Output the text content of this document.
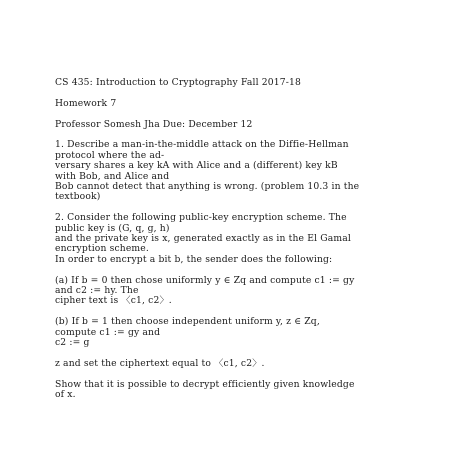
CS 435: Introduction to Cryptography Fall 2017-18
Homework 7
Professor Somesh Jha Due: December 12
1. Describe a man-in-the-middle attack on the Diffie-Hellman
protocol where the ad-
versary shares a key kA with Alice and a (different) key kB
with Bob, and Alice and
Bob cannot detect that anything is wrong. (problem 10.3 in the
textbook)
2. Consider the following public-key encryption scheme. The
public key is (G, q, g, h)
and the private key is x, generated exactly as in the El Gamal
encryption scheme.
In order to encrypt a bit b, the sender does the following:
(a) If b = 0 then chose uniformly y ∈ Zq and compute c1 := gy
and c2 := hy. The
cipher text is 〈c1, c2〉.
(b) If b = 1 then choose independent uniform y, z ∈ Zq,
compute c1 := gy and
c2 := g
z and set the ciphertext equal to 〈c1, c2〉.
Show that it is possible to decrypt efficiently given knowledge
of x.
